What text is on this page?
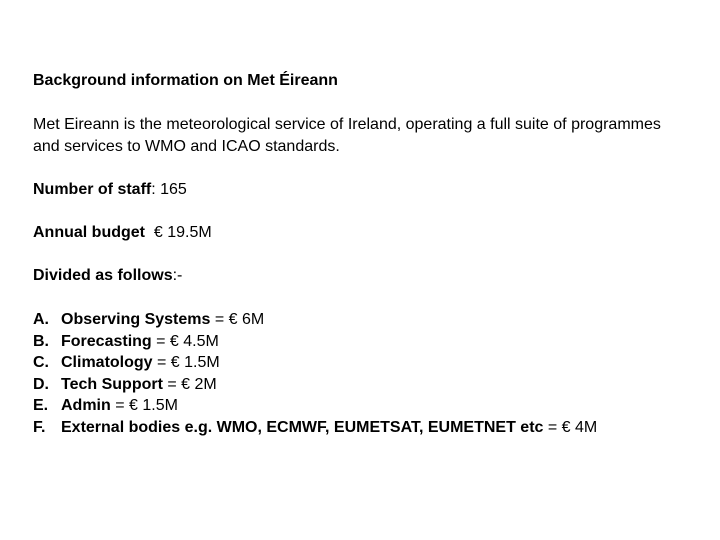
Background information on Met Éireann
Met Eireann is the meteorological service of Ireland, operating a full suite of programmes and services to WMO and ICAO standards.
Number of staff: 165
Annual budget  € 19.5M
Divided as follows:-
A. Observing Systems = € 6M
B. Forecasting = € 4.5M
C. Climatology = € 1.5M
D. Tech Support = € 2M
E. Admin = € 1.5M
F. External bodies e.g. WMO, ECMWF, EUMETSAT, EUMETNET etc = € 4M
